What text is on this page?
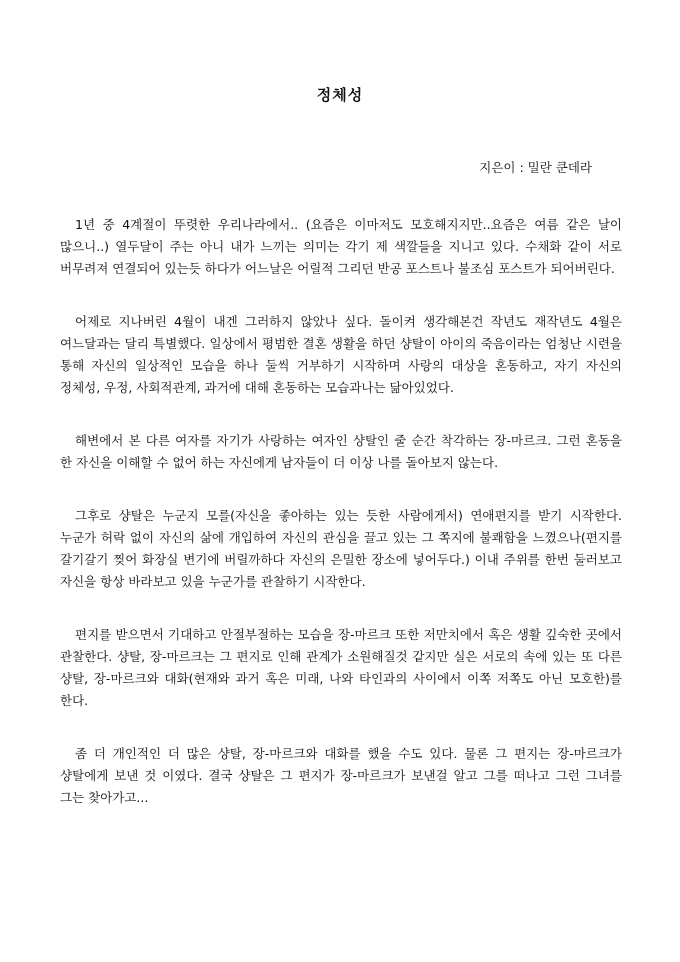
정체성
지은이 : 밀란 쿤데라

1년 중 4계절이 뚜렷한 우리나라에서.. (요즘은 이마저도 모호해지지만..요즘은 여름 같은 날이 많으니..) 열두달이 주는 아니 내가 느끼는 의미는 각기 제 색깔들을 지니고 있다. 수채화 같이 서로 버무려져 연결되어 있는듯 하다가 어느날은 어릴적 그리던 반공 포스트나 불조심 포스트가 되어버린다.

어제로 지나버린 4월이 내겐 그러하지 않았나 싶다. 돌이켜 생각해본건 작년도 재작년도 4월은 여느달과는 달리 특별했다. 일상에서 평범한 결혼 생활을 하던 샹탈이 아이의 죽음이라는 엄청난 시련을 통해 자신의 일상적인 모습을 하나 둘씩 거부하기 시작하며 사랑의 대상을 혼동하고, 자기 자신의 정체성, 우정, 사회적관계, 과거에 대해 혼동하는 모습과나는 닮아있었다.

해변에서 본 다른 여자를 자기가 사랑하는 여자인 샹탈인 줄 순간 착각하는 장-마르크. 그런 혼동을 한 자신을 이해할 수 없어 하는 자신에게 남자들이 더 이상 나를 돌아보지 않는다.

그후로 샹탈은 누군지 모를(자신을 좋아하는 있는 듯한 사람에게서) 연애편지를 받기 시작한다. 누군가 허락 없이 자신의 삶에 개입하여 자신의 관심을 끌고 있는 그 쪽지에 불쾌함을 느꼈으나(편지를 갈기갈기 찢어 화장실 변기에 버릴까하다 자신의 은밀한 장소에 넣어두다.) 이내 주위를 한번 둘러보고 자신을 항상 바라보고 있을 누군가를 관찰하기 시작한다.

편지를 받으면서 기대하고 안절부절하는 모습을 장-마르크 또한 저만치에서 혹은 생활 깊숙한 곳에서 관찰한다. 샹탈, 장-마르크는 그 편지로 인해 관계가 소원해질것 같지만 실은 서로의 속에 있는 또 다른 샹탈, 장-마르크와 대화(현재와 과거 혹은 미래, 나와 타인과의 사이에서 이쪽 저쪽도 아닌 모호한)를 한다.

좀 더 개인적인 더 많은 샹탈, 장-마르크와 대화를 했을 수도 있다. 물론 그 편지는 장-마르크가 샹탈에게 보낸 것 이였다. 결국 샹탈은 그 편지가 장-마르크가 보낸걸 알고 그를 떠나고 그런 그녀를 그는 찾아가고...
